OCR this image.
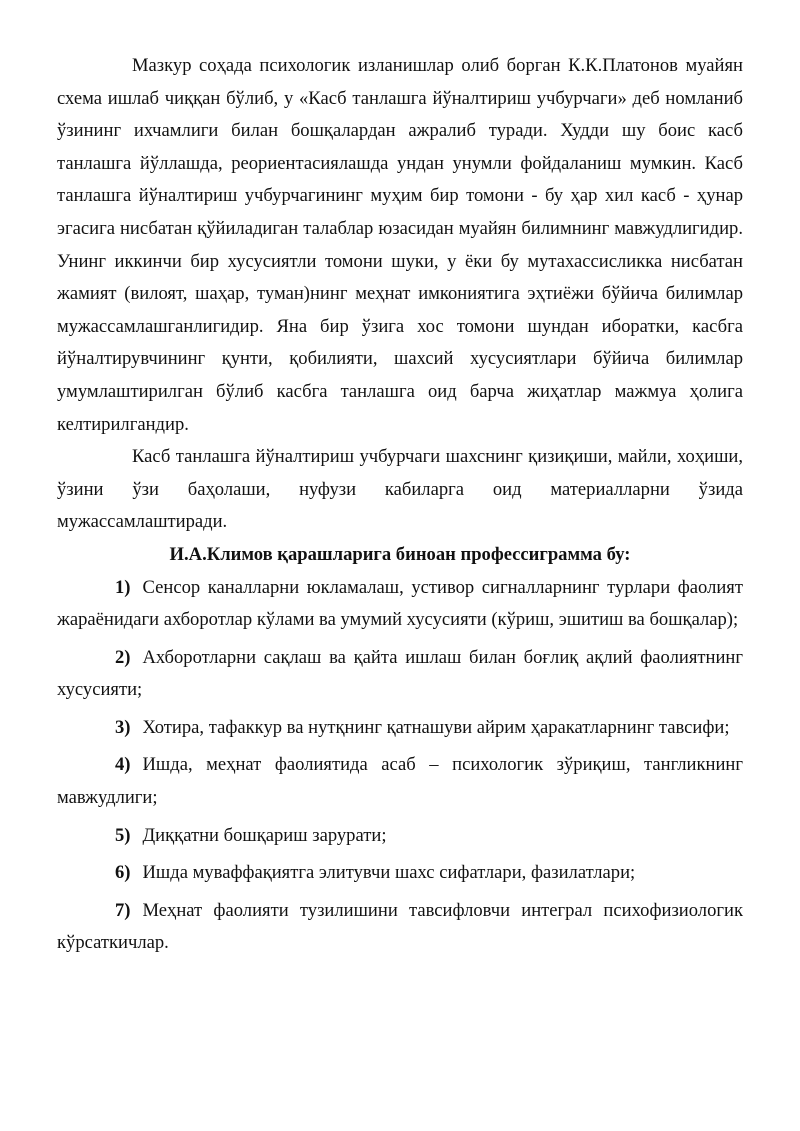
Мазкур соҳада психологик изланишлар олиб борган К.К.Платонов муайян схема ишлаб чиққан бўлиб, у «Касб танлашга йўналтириш учбурчаги» деб номланиб ўзининг ихчамлиги билан бошқалардан ажралиб туради. Худди шу боис касб танлашга йўллашда, реориентасиялашда ундан унумли фойдаланиш мумкин. Касб танлашга йўналтириш учбурчагининг муҳим бир томони - бу ҳар хил касб - ҳунар эгасига нисбатан қўйиладиган талаблар юзасидан муайян билимнинг мавжудлигидир. Унинг иккинчи бир хусусиятли томони шуки, у ёки бу мутахассисликка нисбатан жамият (вилоят, шаҳар, туман)нинг меҳнат имкониятига эҳтиёжи бўйича билимлар мужассамлашганлигидир. Яна бир ўзига хос томони шундан иборатки, касбга йўналтирувчининг қунти, қобилияти, шахсий хусусиятлари бўйича билимлар умумлаштирилган бўлиб касбга танлашга оид барча жиҳатлар мажмуа ҳолига келтирилгандир.

Касб танлашга йўналтириш учбурчаги шахснинг қизиқиши, майли, хоҳиши, ўзини ўзи баҳолаши, нуфузи кабиларга оид материалларни ўзида мужассамлаштиради.

И.А.Климов қарашларига биноан профессиграмма бу:

1) Сенсор каналларни юкламалаш, устивор сигналларнинг турлари фаолият жараёнидаги ахборотлар кўлами ва умумий хусусияти (кўриш, эшитиш ва бошқалар);
2) Ахборотларни сақлаш ва қайта ишлаш билан боғлиқ ақлий фаолиятнинг хусусияти;
3) Хотира, тафаккур ва нутқнинг қатнашуви айрим ҳаракатларнинг тавсифи;
4) Ишда, меҳнат фаолиятида асаб – психологик зўриқиш, тангликнинг мавжудлиги;
5) Диққатни бошқариш зарурати;
6) Ишда муваффақиятга элитувчи шахс сифатлари, фазилатлари;
7) Меҳнат фаолияти тузилишини тавсифловчи интеграл психофизиологик кўрсаткичлар.
